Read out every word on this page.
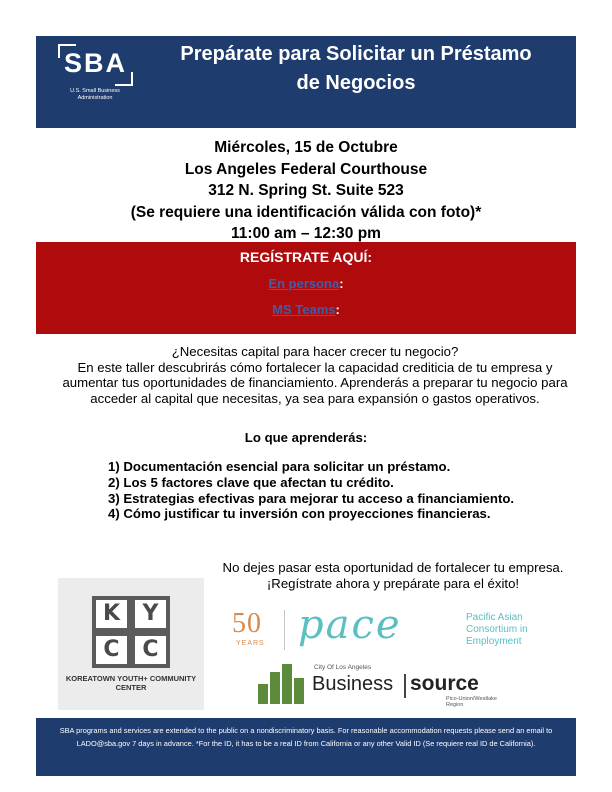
SBA
U.S. Small Business Administration
Prepárate para Solicitar un Préstamo
de Negocios
Miércoles, 15 de Octubre
Los Angeles Federal Courthouse
312 N. Spring St. Suite 523
(Se requiere una identificación válida con foto)*
11:00 am – 12:30 pm
REGÍSTRATE AQUÍ:
En persona:
MS Teams:
¿Necesitas capital para hacer crecer tu negocio?
En este taller descubrirás cómo fortalecer la capacidad crediticia de tu empresa y aumentar tus oportunidades de financiamiento. Aprenderás a preparar tu negocio para acceder al capital que necesitas, ya sea para expansión o gastos operativos.
Lo que aprenderás:
1) Documentación esencial para solicitar un préstamo.
2) Los 5 factores clave que afectan tu crédito.
3) Estrategias efectivas para mejorar tu acceso a financiamiento.
4) Cómo justificar tu inversión con proyecciones financieras.
No dejes pasar esta oportunidad de fortalecer tu empresa. ¡Regístrate ahora y prepárate para el éxito!
K	Y
C	C
KOREATOWN YOUTH+ COMMUNITY CENTER
50
YEARS pace	Pacific Asian Consortium in Employment
City Of Los Angeles
Business source
Pico-Union/Westlake Region
SBA programs and services are extended to the public on a nondiscriminatory basis. For reasonable accommodation requests please send an email to LADO@sba.gov 7 days in advance. *For the ID, it has to be a real ID from California or any other Valid ID (Se requiere real ID de California).
